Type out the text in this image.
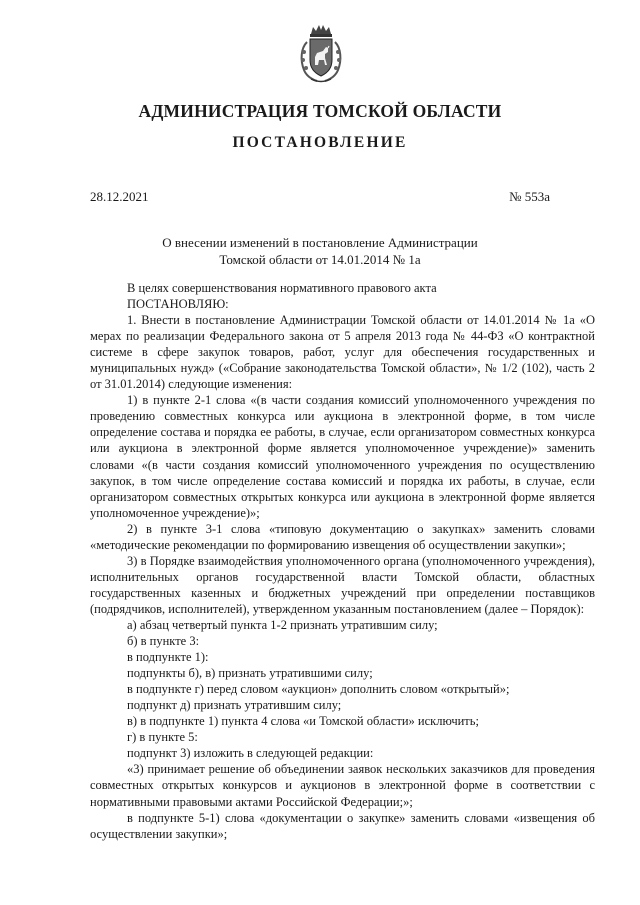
АДМИНИСТРАЦИЯ ТОМСКОЙ ОБЛАСТИ
ПОСТАНОВЛЕНИЕ
28.12.2021	№ 553а
О внесении изменений в постановление Администрации
Томской области от 14.01.2014 № 1а

В целях совершенствования нормативного правового акта

ПОСТАНОВЛЯЮ:

1. Внести в постановление Администрации Томской области от 14.01.2014 № 1а «О мерах по реализации Федерального закона от 5 апреля 2013 года № 44-ФЗ «О контрактной системе в сфере закупок товаров, работ, услуг для обеспечения государственных и муниципальных нужд» («Собрание законодательства Томской области», № 1/2 (102), часть 2 от 31.01.2014) следующие изменения:

1) в пункте 2-1 слова «(в части создания комиссий уполномоченного учреждения по проведению совместных конкурса или аукциона в электронной форме, в том числе определение состава и порядка ее работы, в случае, если организатором совместных конкурса или аукциона в электронной форме является уполномоченное учреждение)» заменить словами «(в части создания комиссий уполномоченного учреждения по осуществлению закупок, в том числе определение состава комиссий и порядка их работы, в случае, если организатором совместных открытых конкурса или аукциона в электронной форме является уполномоченное учреждение)»;

2) в пункте 3-1 слова «типовую документацию о закупках» заменить словами «методические рекомендации по формированию извещения об осуществлении закупки»;

3) в Порядке взаимодействия уполномоченного органа (уполномоченного учреждения), исполнительных органов государственной власти Томской области, областных государственных казенных и бюджетных учреждений при определении поставщиков (подрядчиков, исполнителей), утвержденном указанным постановлением (далее – Порядок):

а) абзац четвертый пункта 1-2 признать утратившим силу;

б) в пункте 3:

в подпункте 1):

подпункты б), в) признать утратившими силу;

в подпункте г) перед словом «аукцион» дополнить словом «открытый»;

подпункт д) признать утратившим силу;

в) в подпункте 1) пункта 4 слова «и Томской области» исключить;

г) в пункте 5:

подпункт 3) изложить в следующей редакции:

«3) принимает решение об объединении заявок нескольких заказчиков для проведения совместных открытых конкурсов и аукционов в электронной форме в соответствии с нормативными правовыми актами Российской Федерации;»;

в подпункте 5-1) слова «документации о закупке» заменить словами «извещения об осуществлении закупки»;
